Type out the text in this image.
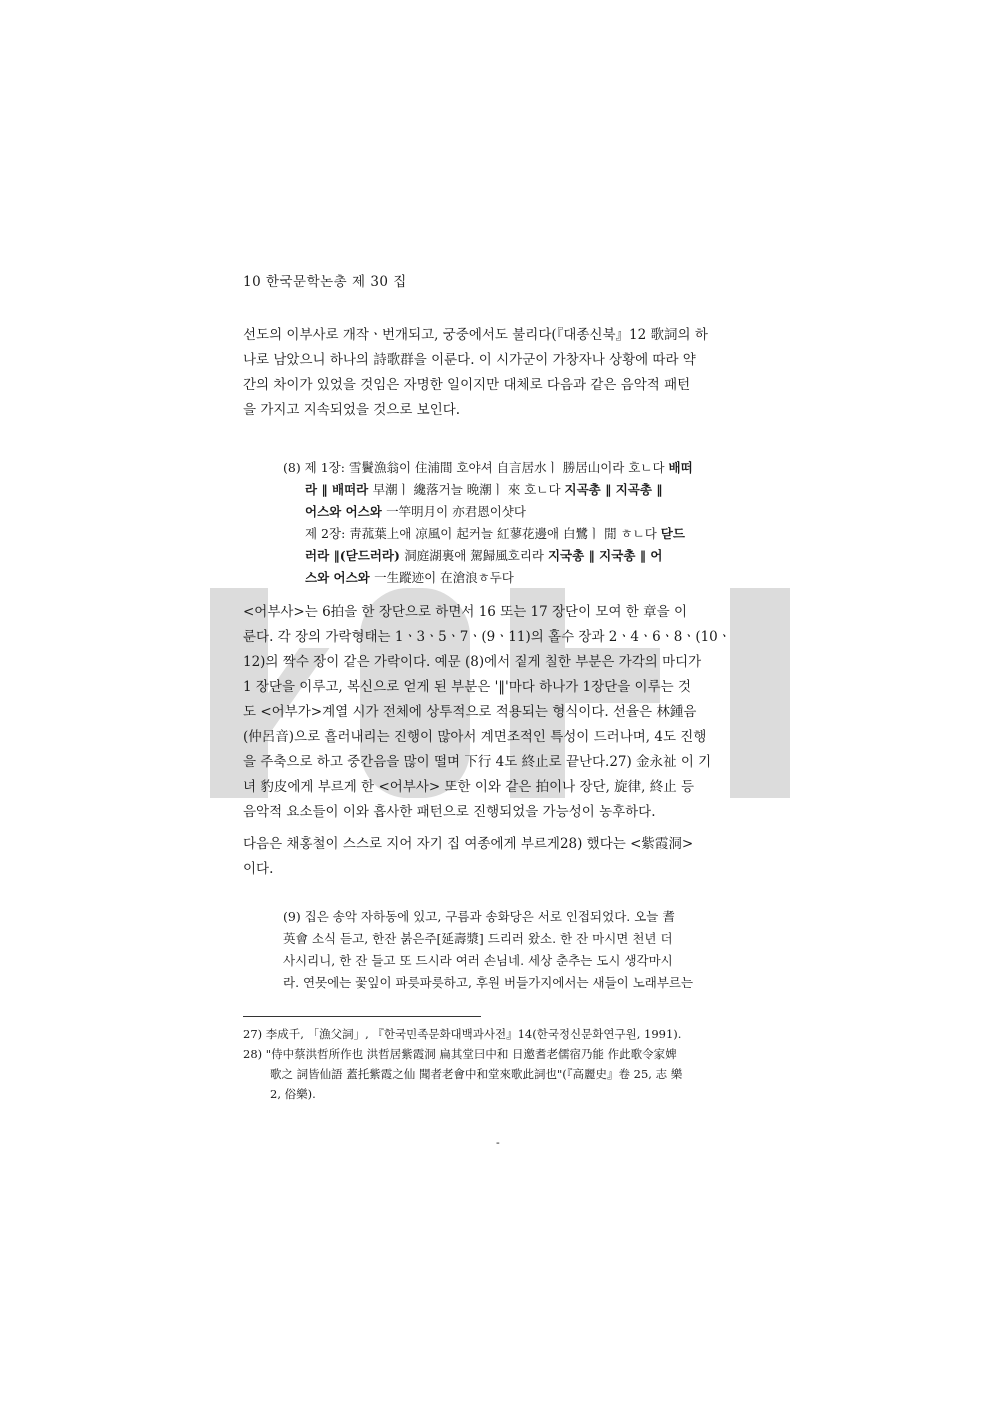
10 한국문학논총 제 30 집
선도의 이부사로 개작ㆍ번개되고, 궁중에서도 불리다(『대종신북』12 歌詞의 하
나로 남았으니 하나의 詩歌群을 이룬다. 이 시가군이 가창자나 상황에 따라 약
간의 차이가 있었을 것임은 자명한 일이지만 대체로 다음과 같은 음악적 패턴
을 가지고 지속되었을 것으로 보인다.
(8) 제 1장: 雪鬢漁翁이 住浦間 호야셔 自言居水ㅣ 勝居山이라 호ㄴ다 배떠
라 ‖ 배떠라 早潮ㅣ 纔落거늘 晩潮ㅣ 來 호ㄴ다 지곡총 ‖ 지곡총 ‖
어스와 어스와 一竿明月이 亦君恩이샷다
제 2장: 靑菰葉上애 凉風이 起커늘 紅蓼花邊애 白鷺ㅣ 閒 ㅎㄴ다 닫드
러라 ‖(닫드러라) 洞庭湖裏애 駕歸風호리라 지국총 ‖ 지국총 ‖ 어
스와 어스와 一生蹤迹이 在滄浪ㅎ두다
<어부사>는 6拍을 한 장단으로 하면서 16 또는 17 장단이 모여 한 章을 이
룬다. 각 장의 가락형태는 1ㆍ3ㆍ5ㆍ7ㆍ(9ㆍ11)의 홀수 장과 2ㆍ4ㆍ6ㆍ8ㆍ(10ㆍ
12)의 짝수 장이 같은 가락이다. 예문 (8)에서 짙게 칠한 부분은 가각의 마디가
1 장단을 이루고, 복신으로 얻게 된 부분은 '‖'마다 하나가 1장단을 이루는 것
도 <어부가>계열 시가 전체에 상투적으로 적용되는 형식이다. 선율은 林鍾음
(仲呂音)으로 흘러내리는 진행이 많아서 계면조적인 특성이 드러나며, 4도 진행
을 주축으로 하고 중간음을 많이 떨며 下行 4도 終止로 끝난다.27) 金永祉 이 기
녀 豹皮에게 부르게 한 <어부사> 또한 이와 같은 拍이나 장단, 旋律, 終止 등
음악적 요소들이 이와 흡사한 패턴으로 진행되었을 가능성이 농후하다.
다음은 채홍철이 스스로 지어 자기 집 여종에게 부르게28) 했다는 <紫霞洞>
이다.
(9) 집은 송악 자하동에 있고, 구름과 송화당은 서로 인접되었다. 오늘 耆
英會 소식 듣고, 한잔 붉은주[延壽漿] 드리러 왔소. 한 잔 마시면 천년 더
사시리니, 한 잔 들고 또 드시라 여러 손님네. 세상 춘추는 도시 생각마시
라. 연못에는 꽃잎이 파릇파릇하고, 후원 버들가지에서는 새들이 노래부르는
27) 李成千, 「漁父詞」, 『한국민족문화대백과사전』14(한국정신문화연구원, 1991).
28) "侍中蔡洪哲所作也 洪哲居紫霞洞 扁其堂曰中和 日邀耆老儒宿乃能 作此歌令家婢
歌之 詞皆仙語 蓋托紫霞之仙 聞者老會中和堂來歌此詞也"(『高麗史』卷 25, 志 樂
2, 俗樂).
-
